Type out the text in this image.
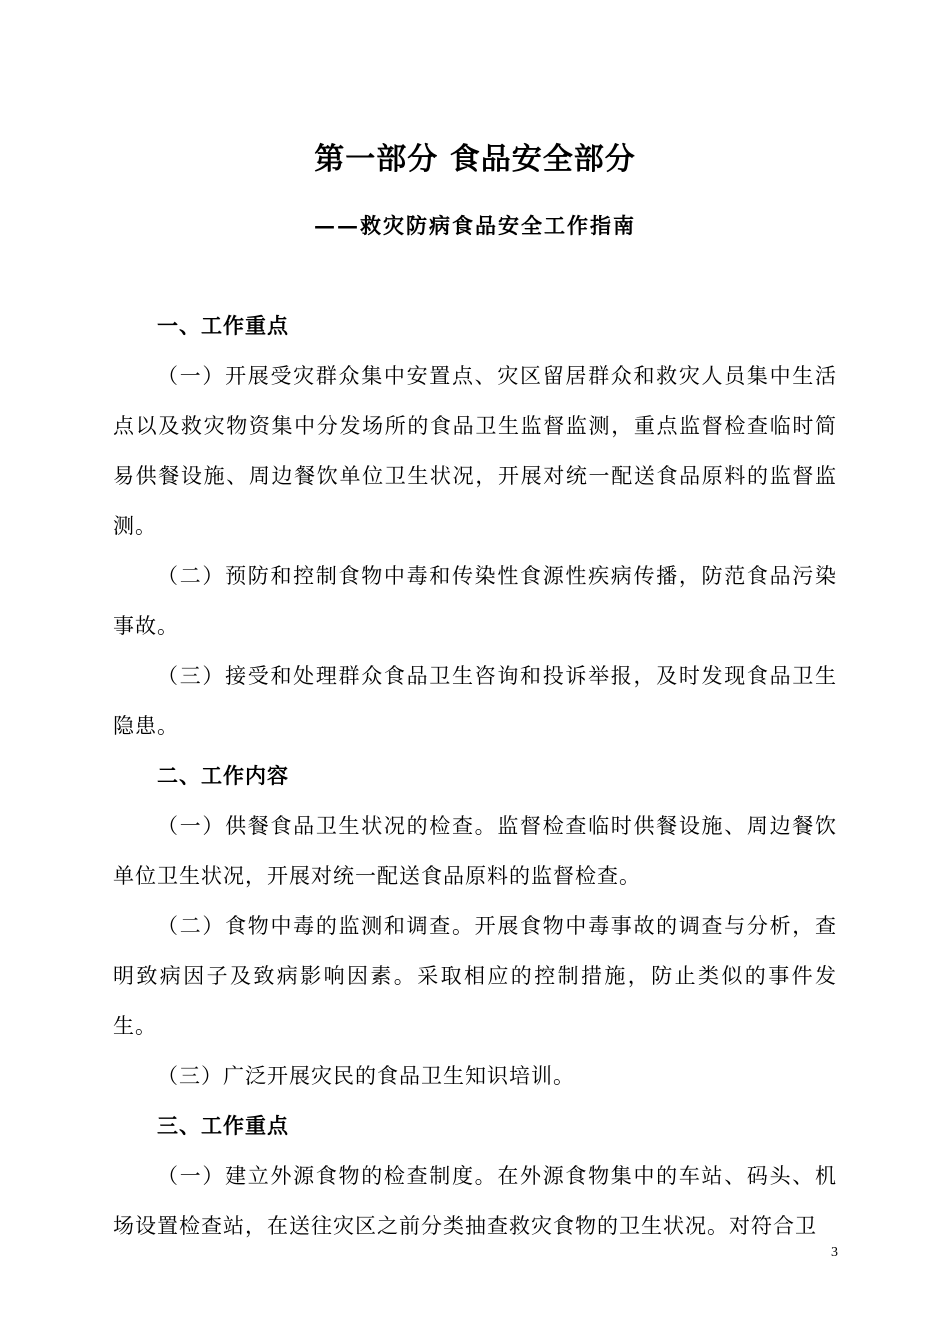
第一部分 食品安全部分
——救灾防病食品安全工作指南

一、工作重点

（一）开展受灾群众集中安置点、灾区留居群众和救灾人员集中生活点以及救灾物资集中分发场所的食品卫生监督监测，重点监督检查临时简易供餐设施、周边餐饮单位卫生状况，开展对统一配送食品原料的监督监测。

（二）预防和控制食物中毒和传染性食源性疾病传播，防范食品污染事故。

（三）接受和处理群众食品卫生咨询和投诉举报，及时发现食品卫生隐患。

二、工作内容

（一）供餐食品卫生状况的检查。监督检查临时供餐设施、周边餐饮单位卫生状况，开展对统一配送食品原料的监督检查。

（二）食物中毒的监测和调查。开展食物中毒事故的调查与分析，查明致病因子及致病影响因素。采取相应的控制措施，防止类似的事件发生。

（三）广泛开展灾民的食品卫生知识培训。

三、工作重点

（一）建立外源食物的检查制度。在外源食物集中的车站、码头、机场设置检查站，在送往灾区之前分类抽查救灾食物的卫生状况。对符合卫

3
